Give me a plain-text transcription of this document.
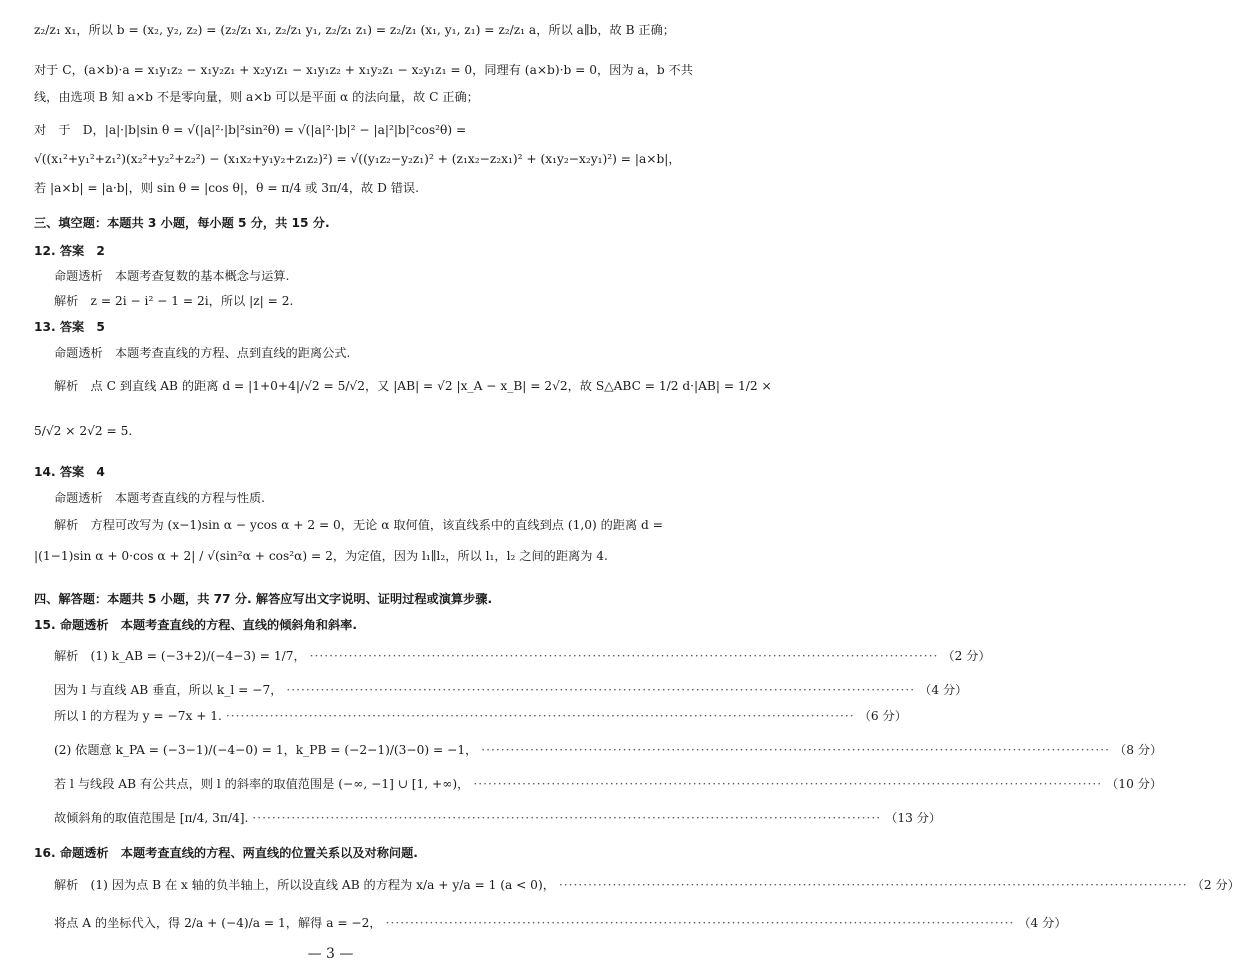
z₂/z₁ x₁，所以 b = (x₂, y₂, z₂) = (z₂/z₁ x₁, z₂/z₁ y₁, z₂/z₁ z₁) = z₂/z₁ (x₁, y₁, z₁) = z₂/z₁ a，所以 a∥b，故 B 正确；
对于 C，(a×b)·a = x₁y₁z₂ − x₁y₂z₁ + x₂y₁z₁ − x₁y₁z₂ + x₁y₂z₁ − x₂y₁z₁ = 0，同理有 (a×b)·b = 0，因为 a，b 不共
线，由选项 B 知 a×b 不是零向量，则 a×b 可以是平面 α 的法向量，故 C 正确；
对　于　D，|a|·|b|sin θ = √(|a|²·|b|²sin²θ) = √(|a|²·|b|² − |a|²|b|²cos²θ) =
√((x₁²+y₁²+z₁²)(x₂²+y₂²+z₂²) − (x₁x₂+y₁y₂+z₁z₂)²) = √((y₁z₂−y₂z₁)² + (z₁x₂−z₂x₁)² + (x₁y₂−x₂y₁)²) = |a×b|，
若 |a×b| = |a·b|，则 sin θ = |cos θ|，θ = π/4 或 3π/4，故 D 错误.
三、填空题：本题共 3 小题，每小题 5 分，共 15 分.
12. 答案　2
命题透析　本题考查复数的基本概念与运算.
解析　z = 2i − i² − 1 = 2i，所以 |z| = 2.
13. 答案　5
命题透析　本题考查直线的方程、点到直线的距离公式.
解析　点 C 到直线 AB 的距离 d = |1+0+4|/√2 = 5/√2，又 |AB| = √2 |x_A − x_B| = 2√2，故 S△ABC = 1/2 d·|AB| = 1/2 ×
5/√2 × 2√2 = 5.
14. 答案　4
命题透析　本题考查直线的方程与性质.
解析　方程可改写为 (x−1)sin α − ycos α + 2 = 0，无论 α 取何值，该直线系中的直线到点 (1,0) 的距离 d =
|(1−1)sin α + 0·cos α + 2| / √(sin²α + cos²α) = 2，为定值，因为 l₁∥l₂，所以 l₁，l₂ 之间的距离为 4.
四、解答题：本题共 5 小题，共 77 分. 解答应写出文字说明、证明过程或演算步骤.
15. 命题透析　本题考查直线的方程、直线的倾斜角和斜率.
解析　(1) k_AB = (−3+2)/(−4−3) = 1/7， ·····	（2 分）
因为 l 与直线 AB 垂直，所以 k_l = −7， ·····	（4 分）
所以 l 的方程为 y = −7x + 1. ·····	（6 分）
(2) 依题意 k_PA = (−3−1)/(−4−0) = 1，k_PB = (−2−1)/(3−0) = −1， ·····	（8 分）
若 l 与线段 AB 有公共点，则 l 的斜率的取值范围是 (−∞, −1] ∪ [1, +∞)， ·····	（10 分）
故倾斜角的取值范围是 [π/4, 3π/4]. ·····	（13 分）
16. 命题透析　本题考查直线的方程、两直线的位置关系以及对称问题.
解析　(1) 因为点 B 在 x 轴的负半轴上，所以设直线 AB 的方程为 x/a + y/a = 1 (a < 0)， ·····	（2 分）
将点 A 的坐标代入，得 2/a + (−4)/a = 1，解得 a = −2， ·····	（4 分）
— 3 —
